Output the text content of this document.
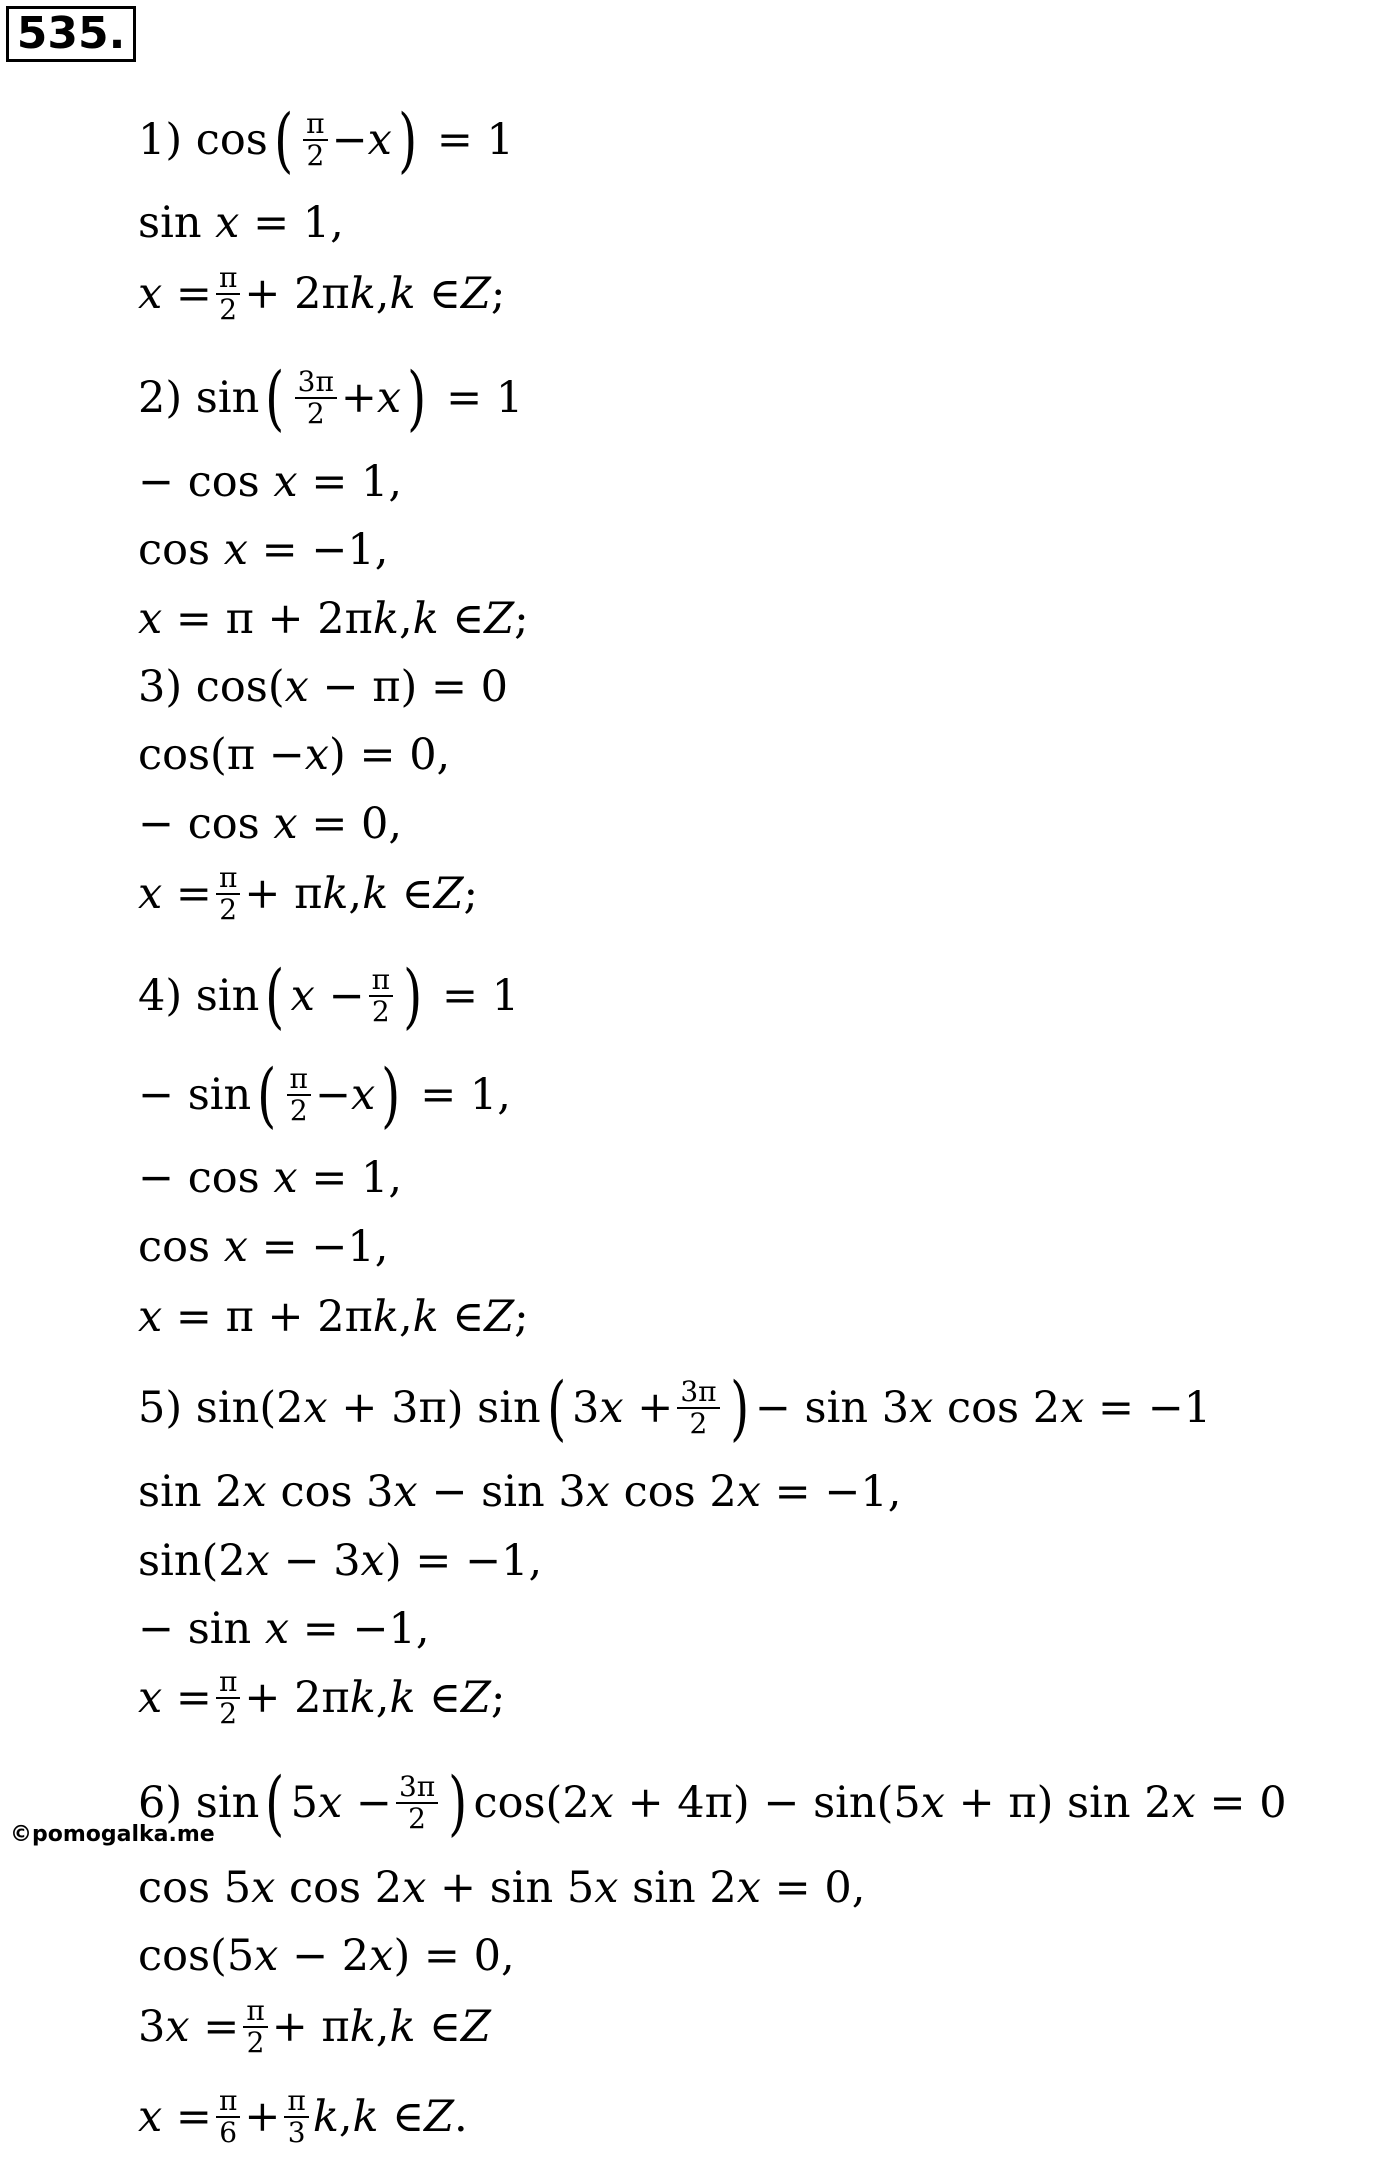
535.
1) cos ( $\frac{\pi}{2} - x$ ) = 1
sin x = 1,
$x = \frac{\pi}{2} + 2\pi$ k , k ∈ Z ;
2) sin ( $\frac{3\pi}{2} + x$ ) = 1
− cos x = 1,
cos x = −1,
x = π + 2π k , k ∈ Z ;
3) cos( x − π) = 0
cos(π − x ) = 0,
− cos x = 0,
$x = \frac{\pi}{2} + \pi$ k , k ∈ Z ;
4) sin ( $x - \frac{\pi}{2}$ ) = 1
− sin ( $\frac{\pi}{2} - x$ ) = 1,
− cos x = 1,
cos x = −1,
x = π + 2π k , k ∈ Z ;
5) sin(2 x + 3π) sin ( 3 $x + \frac{3\pi}{2}$ ) − sin 3 x cos 2 x = −1
sin 2 x cos 3 x − sin 3 x cos 2 x = −1,
sin(2 x − 3 x ) = −1,
− sin x = −1,
$x = \frac{\pi}{2} + 2\pi$ k , k ∈ Z ;
6) sin ( 5 $x - \frac{3\pi}{2}$ ) cos(2 x + 4π) − sin(5 x + π) sin 2 x = 0
cos 5 x cos 2 x + sin 5 x sin 2 x = 0,
cos(5 x − 2 x ) = 0,
3 $x = \frac{\pi}{2} + \pi$ k , k ∈ Z
$x = \frac{\pi}{6} + \frac{\pi}{3}$ k , k ∈ Z .
©pomogalka.me
